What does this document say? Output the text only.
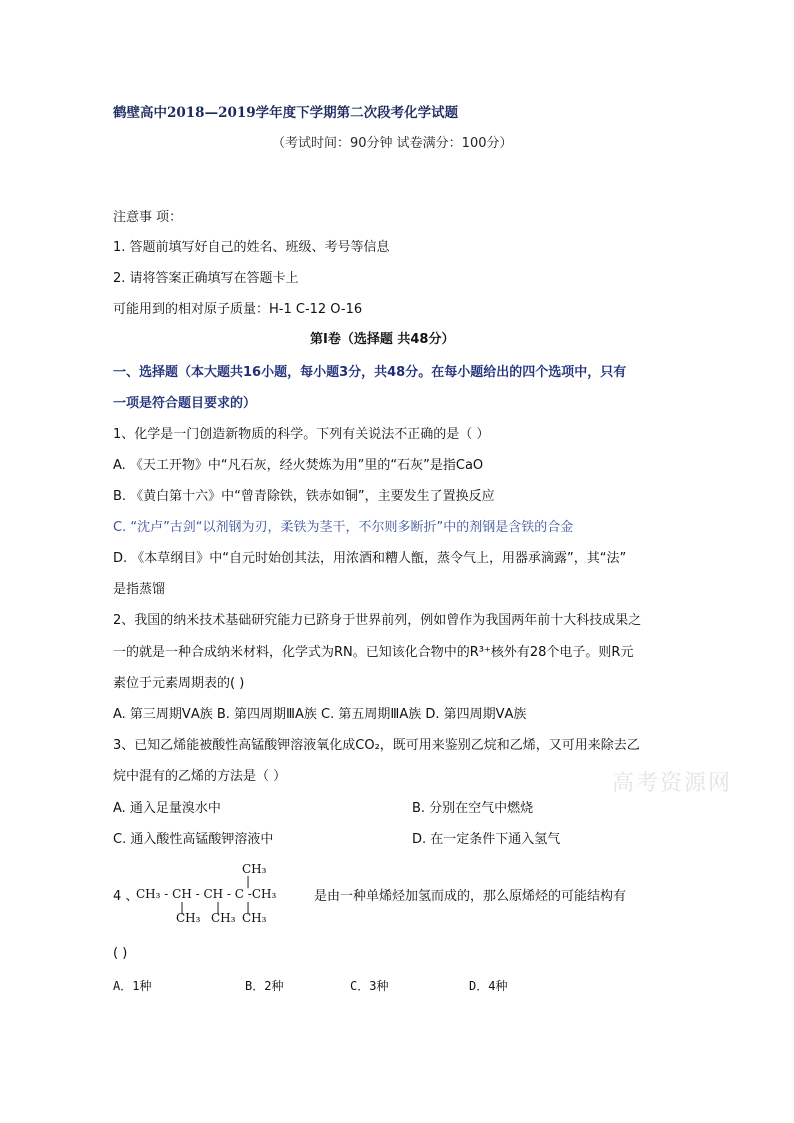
鹤壁高中2018—2019学年度下学期第二次段考化学试题
（考试时间：90分钟 试卷满分：100分）
注意事 项：
1. 答题前填写好自己的姓名、班级、考号等信息
2. 请将答案正确填写在答题卡上
可能用到的相对原子质量：H-1 C-12 O-16
第Ⅰ卷（选择题 共48分）
一、选择题（本大题共16小题，每小题3分，共48分。在每小题给出的四个选项中，只有
一项是符合题目要求的）
1、化学是一门创造新物质的科学。下列有关说法不正确的是（ ）
A. 《天工开物》中“凡石灰，经火焚炼为用”里的“石灰”是指CaO
B. 《黄白第十六》中“曾青除铁，铁赤如铜”，主要发生了置换反应
C. “沈卢”古剑“以剂钢为刃，柔铁为茎干，不尔则多断折”中的剂钢是含铁的合金
D. 《本草纲目》中“自元时始创其法，用浓酒和糟人甑，蒸令气上，用器承滴露”，其“法”
是指蒸馏
2、我国的纳米技术基础研究能力已跻身于世界前列，例如曾作为我国两年前十大科技成果之
一的就是一种合成纳米材料，化学式为RN。已知该化合物中的R³⁺核外有28个电子。则R元
素位于元素周期表的( )
A. 第三周期ⅤA族 B. 第四周期ⅢA族 C. 第五周期ⅢA族 D. 第四周期ⅤA族
3、已知乙烯能被酸性高锰酸钾溶液氧化成CO₂，既可用来鉴别乙烷和乙烯，又可用来除去乙
烷中混有的乙烯的方法是（ ）
A. 通入足量溴水中	B. 分别在空气中燃烧
C. 通入酸性高锰酸钾溶液中	D. 在一定条件下通入氢气
高考资源网
4 、
CH₃
|
CH₃ - CH - CH - C -CH₃
|	| |
CH₃ CH₃ CH₃
是由一种单烯烃加氢而成的，那么原烯烃的可能结构有
( )
A．1种	B．2种	C．3种	D．4种
